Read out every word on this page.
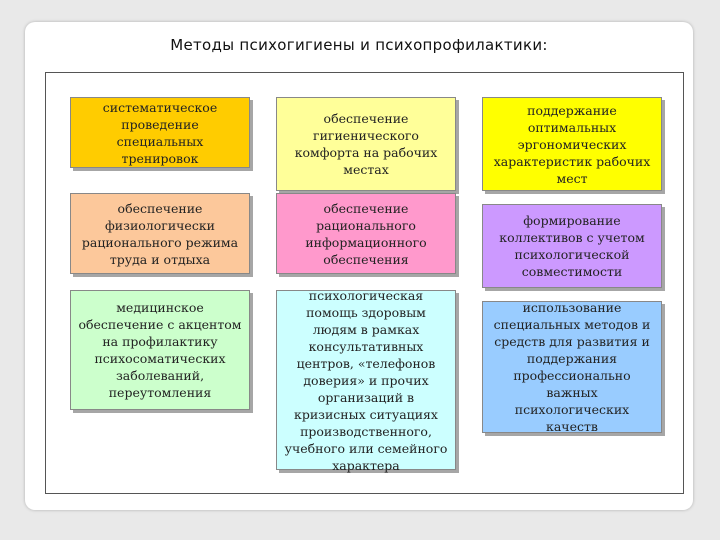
Методы психогигиены и психопрофилактики:
систематическое проведение специальных тренировок
обеспечение гигиенического комфорта на рабочих местах
поддержание оптимальных эргономических характеристик рабочих мест
обеспечение физиологически рационального режима труда и отдыха
обеспечение рационального информационного обеспечения
формирование коллективов с учетом психологической совместимости
медицинское обеспечение с акцентом на профилактику психосоматических заболеваний, переутомления
психологическая помощь здоровым людям в рамках консультативных центров, «телефонов доверия» и прочих организаций в кризисных ситуациях производственного, учебного или семейного характера
использование специальных методов и средств для развития и поддержания профессионально важных психологических качеств
